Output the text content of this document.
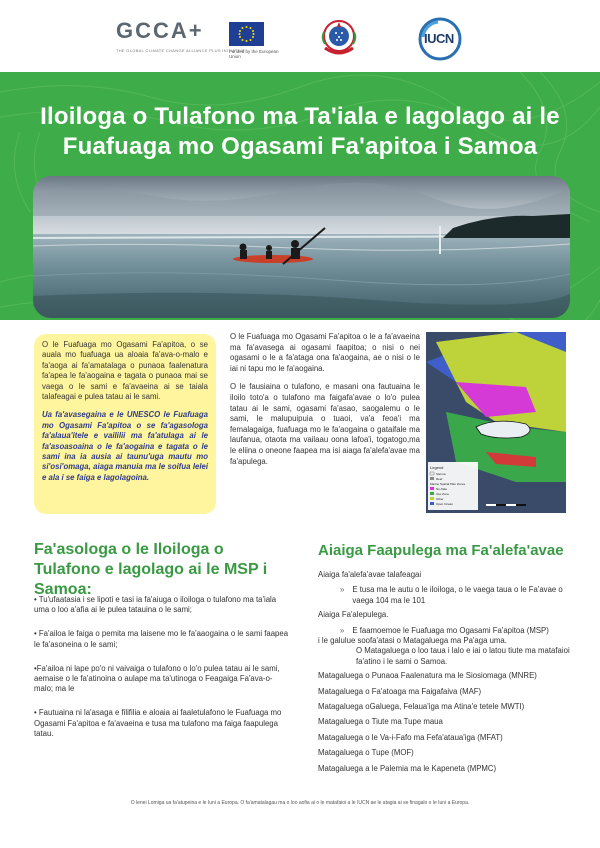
GCCA+
THE GLOBAL CLIMATE CHANGE ALLIANCE PLUS INITIATIVE
Funded by the European Union
IUCN
Iloiloga o Tulafono ma Ta'iala e lagolago ai le
Fuafuaga mo Ogasami Fa'apitoa i Samoa

O le Fuafuaga mo Ogasami Fa'apitoa, o se auala mo fuafuaga ua aloaia fa'ava-o-malo e fa'aoga ai fa'amatalaga o punaoa faalenatura fa'apea le fa'aogaina e tagata o punaoa mai se vaega o le sami e fa'avaeina ai se taiala talafeagai e pulea tatau ai le sami.

Ua fa'avasegaina e le UNESCO le Fuafuaga mo Ogasami Fa'apitoa o se fa'agasologa fa'alaua'itele e vaililii ma fa'atulaga ai le fa'asoasoaina o le fa'aogaina e tagata o le sami ina ia ausia ai taunu'uga mautu mo si'osi'omaga, aiaga manuia ma le soifua lelei e ala i se faiga e lagolagoina.

O le Fuafuaga mo Ogasami Fa'apitoa o le a fa'avaeina ma fa'avasega ai ogasami faapitoa; o nisi o nei ogasami o le a fa'ataga ona fa'aogaina, ae o nisi o le iai ni tapu mo le fa'aogaina.

O le fausiaina o tulafono, e masani ona fautuaina le iloilo toto'a o tulafono ma faigafa'avae o lo'o pulea tatau ai le sami, ogasami fa'asao, saogalemu o le sami, le malupuipuia o tuaoi, va'a feoa'i ma femalagaiga, fuafuaga mo le fa'aogaina o gataifale ma laufanua, otaota ma vailaau oona lafoa'i, togatogo,ma le eliina o oneone faapea ma isi aiaga fa'alefa'avae ma fa'apulega.

Legend
Samoa
Reef
Marine Spatial Plan Zones
No-Take
Use Zone
Other
Open Ocean
Fa'asologa o le Iloiloga o Tulafono e lagolago ai le MSP i Samoa:

• Tu'ufaatasia i se lipoti e tasi ia fa'aiuga o iloiloga o tulafono ma ta'iala uma o loo a'afia ai le pulea tatauina o le sami;

• Fa'ailoa le faiga o pemita ma laisene mo le fa'aaogaina o le sami faapea le fa'asoneina o le sami;

•Fa'ailoa ni lape po'o ni vaivaiga o tulafono o lo'o pulea tatau ai le sami, aemaise o le fa'atinoina o aulape ma ta'utinoga o Feagaiga Fa'ava-o-malo; ma le

• Fautuaina ni la'asaga e filifilia e aloaia ai faaletulafono le Fuafuaga mo Ogasami Fa'apitoa e fa'avaeina e tusa ma tulafono ma faiga faapulega tatau.

Aiaiga Faapulega ma Fa'alefa'avae

Aiaiga fa'alefa'avae talafeagai

»	E tusa ma le autu o le iloiloga, o le vaega taua o le Fa'avae o vaega 104 ma le 101

Aiaiga Fa'alepulega.

»	E faamoemoe le Fuafuaga mo Ogasami Fa'apitoa (MSP)

i le galulue soofa'atasi o Matagaluega ma Pa'aga uma.

O Matagaluega o loo taua i lalo e iai o latou tiute ma matafaioi fa'atino i le sami o Samoa.

Matagaluega o Punaoa Faalenatura ma le Siosiomaga (MNRE)

Matagaluega o Fa'atoaga ma Faigafaiva (MAF)

Matagaluega oGaluega, Felaua'iga ma Atina'e tetele MWTI)

Matagaluega o Tiute ma Tupe maua

Matagaluega o le Va-i-Fafo ma Fefa'ataua'iga (MFAT)

Matagaluega o Tupe (MOF)

Matagaluega a le Palemia ma le Kapeneta (MPMC)

O lenei Lomiga ua fa'atupeina e le Iuni a Europa. O fa'amatalagau ma o loo aofia ai o le matafaioi a le IUCN ae le atagia ai se finagalo o le Iuni a Europa.
